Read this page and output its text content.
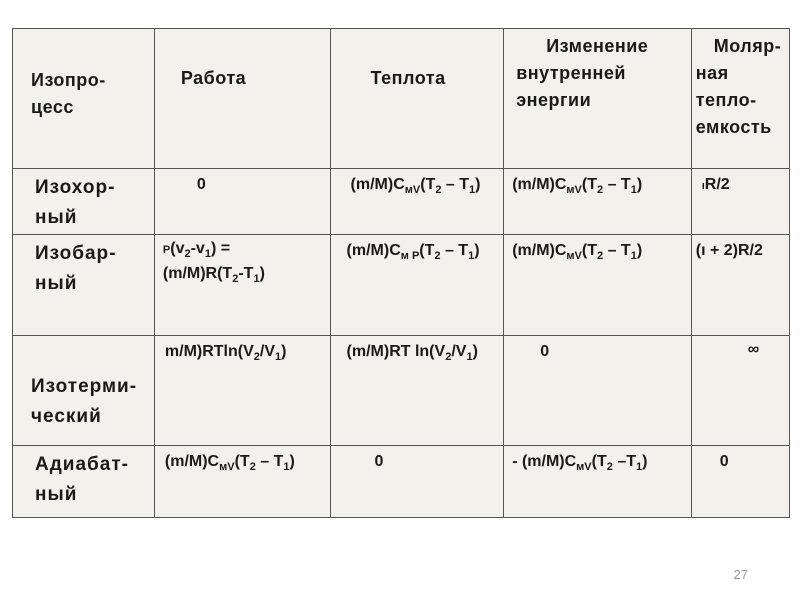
Изопро-
цесс	Работа	Теплота	Изменение
внутренней
энергии	Моляр-
ная
тепло-
емкость

Изохор-
ный	0	$(m/M)C_{мV}(T_2 - T_1)$	$(m/M)C_{мV}(T_2 - T_1)$	ıR/2

Изобар-
ный	$P(v_2-v_1)$ =
$(m/M)R(T_2-T_1)$	$(m/M)C_{м P}(T_2 - T_1)$	$(m/M)C_{мV}(T_2 - T_1)$	(ı + 2)R/2

Изотерми-
ческий	$m/M)RTln(V_2/V_1)$	(m/M)RT $\ln(V_2/V_1)$	0	∞

Адиабат-
ный	$(m/M)C_{мV}(T_2 - T_1)$	0	- $(m/M)C_{мV}(T_2$ $-T_1$)	0
27
